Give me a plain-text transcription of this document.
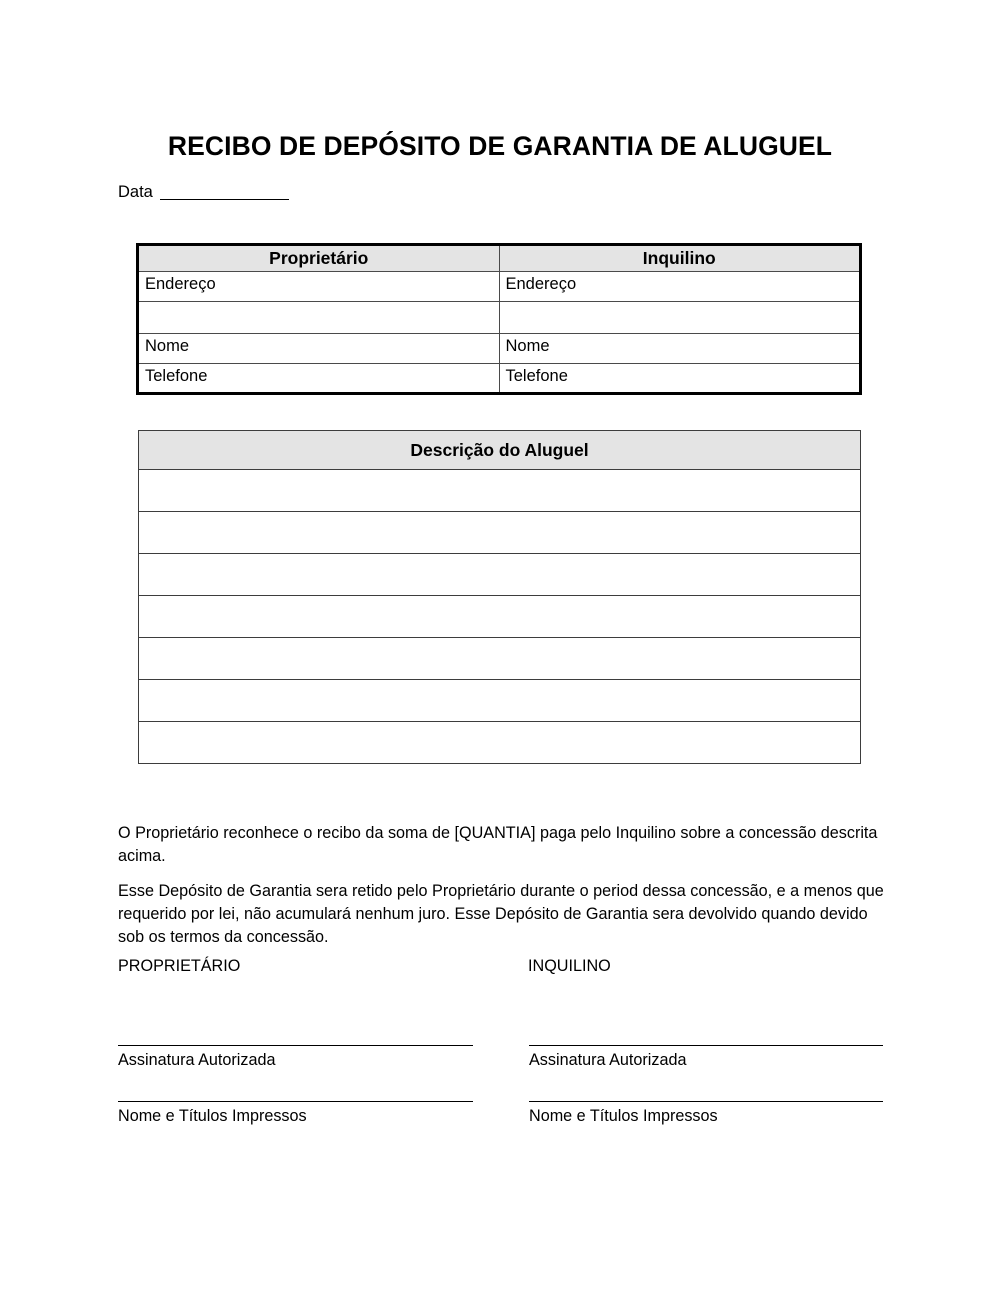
RECIBO DE DEPÓSITO DE GARANTIA DE ALUGUEL
Data
Proprietário	Inquilino
Endereço	Endereço

Nome	Nome
Telefone	Telefone
Descrição do Aluguel

O Proprietário reconhece o recibo da soma de [QUANTIA] paga pelo Inquilino sobre a concessão descrita acima.

Esse Depósito de Garantia sera retido pelo Proprietário durante o period dessa concessão, e a menos que requerido por lei, não acumulará nenhum juro. Esse Depósito de Garantia sera devolvido quando devido sob os termos da concessão.

PROPRIETÁRIO	INQUILINO
Assinatura Autorizada	Assinatura Autorizada
Nome e Títulos Impressos	Nome e Títulos Impressos
